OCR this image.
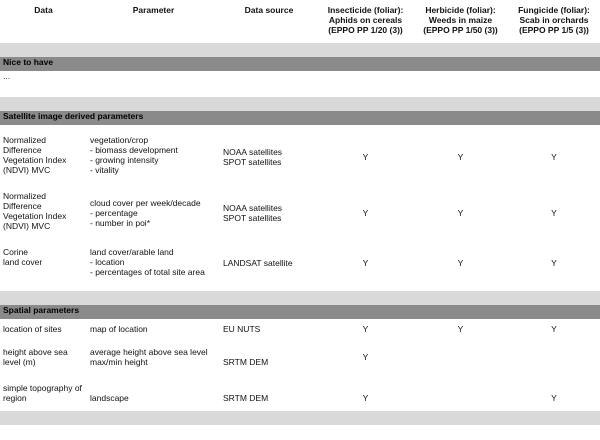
Data	Parameter	Data source	Insecticide (foliar):
Aphids on cereals
(EPPO PP 1/20 (3))	Herbicide (foliar):
Weeds in maize
(EPPO PP 1/50 (3))	Fungicide (foliar):
Scab in orchards
(EPPO PP 1/5 (3))

Nice to have					
...					

Satellite image derived parameters					

Normalized
Difference
Vegetation Index
(NDVI) MVC	vegetation/crop
- biomass development
- growing intensity
- vitality	NOAA satellites
SPOT satellites	Y	Y	Y

Normalized
Difference
Vegetation Index
(NDVI) MVC	cloud cover per week/decade
- percentage
- number in poi*	NOAA satellites
SPOT satellites	Y	Y	Y

Corine
land cover	land cover/arable land
- location
- percentages of total site area	LANDSAT satellite	Y	Y	Y

Spatial parameters					
location of sites	map of location	EU NUTS	Y	Y	Y
height above sea
level (m)	average height above sea level
max/min height	SRTM DEM	Y		
simple topography of
region	landscape	SRTM DEM	Y		Y
